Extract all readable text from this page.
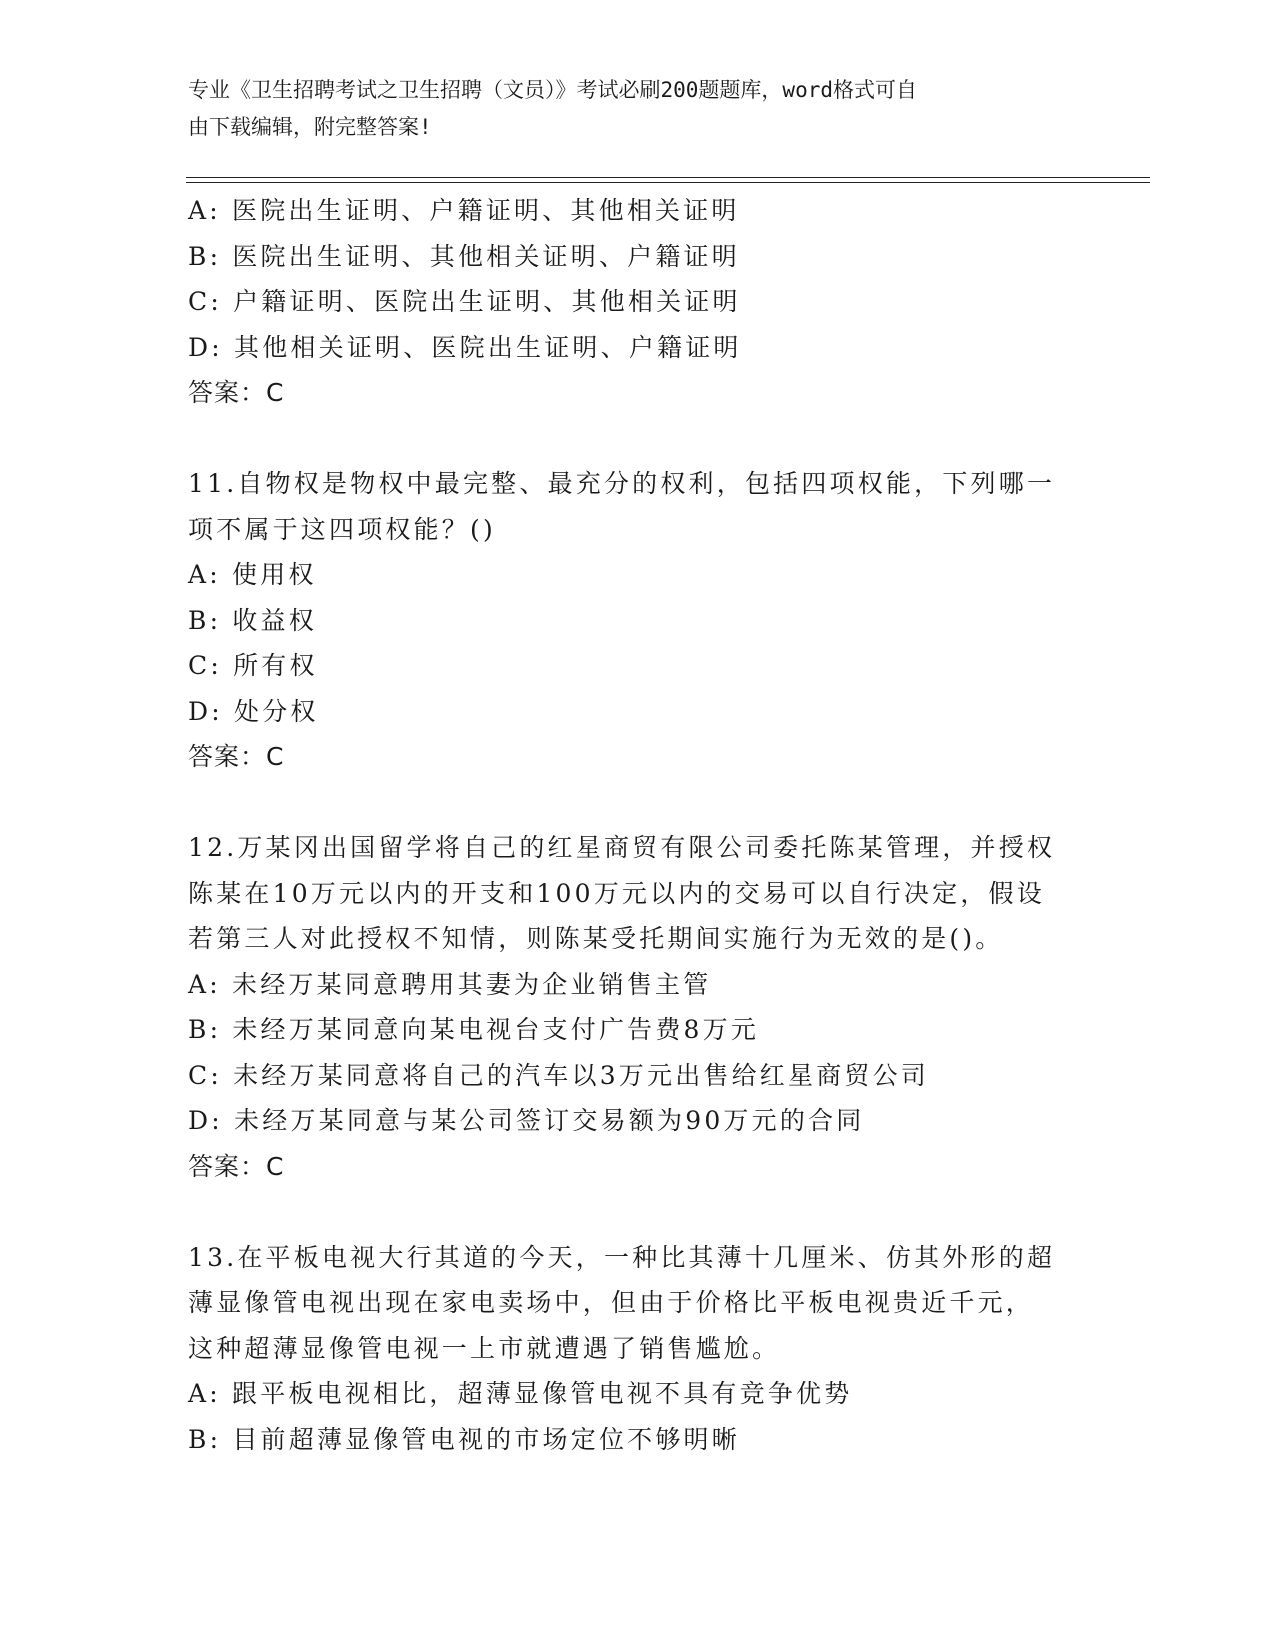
专业《卫生招聘考试之卫生招聘（文员）》考试必刷200题题库，word格式可自
由下载编辑，附完整答案!
A: 医院出生证明、户籍证明、其他相关证明
B: 医院出生证明、其他相关证明、户籍证明
C: 户籍证明、医院出生证明、其他相关证明
D: 其他相关证明、医院出生证明、户籍证明
答案：C
11.自物权是物权中最完整、最充分的权利，包括四项权能，下列哪一
项不属于这四项权能？()
A: 使用权
B: 收益权
C: 所有权
D: 处分权
答案：C
12.万某冈出国留学将自己的红星商贸有限公司委托陈某管理，并授权
陈某在10万元以内的开支和100万元以内的交易可以自行决定，假设
若第三人对此授权不知情，则陈某受托期间实施行为无效的是()。
A: 未经万某同意聘用其妻为企业销售主管
B: 未经万某同意向某电视台支付广告费8万元
C: 未经万某同意将自己的汽车以3万元出售给红星商贸公司
D: 未经万某同意与某公司签订交易额为90万元的合同
答案：C
13.在平板电视大行其道的今天，一种比其薄十几厘米、仿其外形的超
薄显像管电视出现在家电卖场中，但由于价格比平板电视贵近千元，
这种超薄显像管电视一上市就遭遇了销售尴尬。
A: 跟平板电视相比，超薄显像管电视不具有竞争优势
B: 目前超薄显像管电视的市场定位不够明晰
